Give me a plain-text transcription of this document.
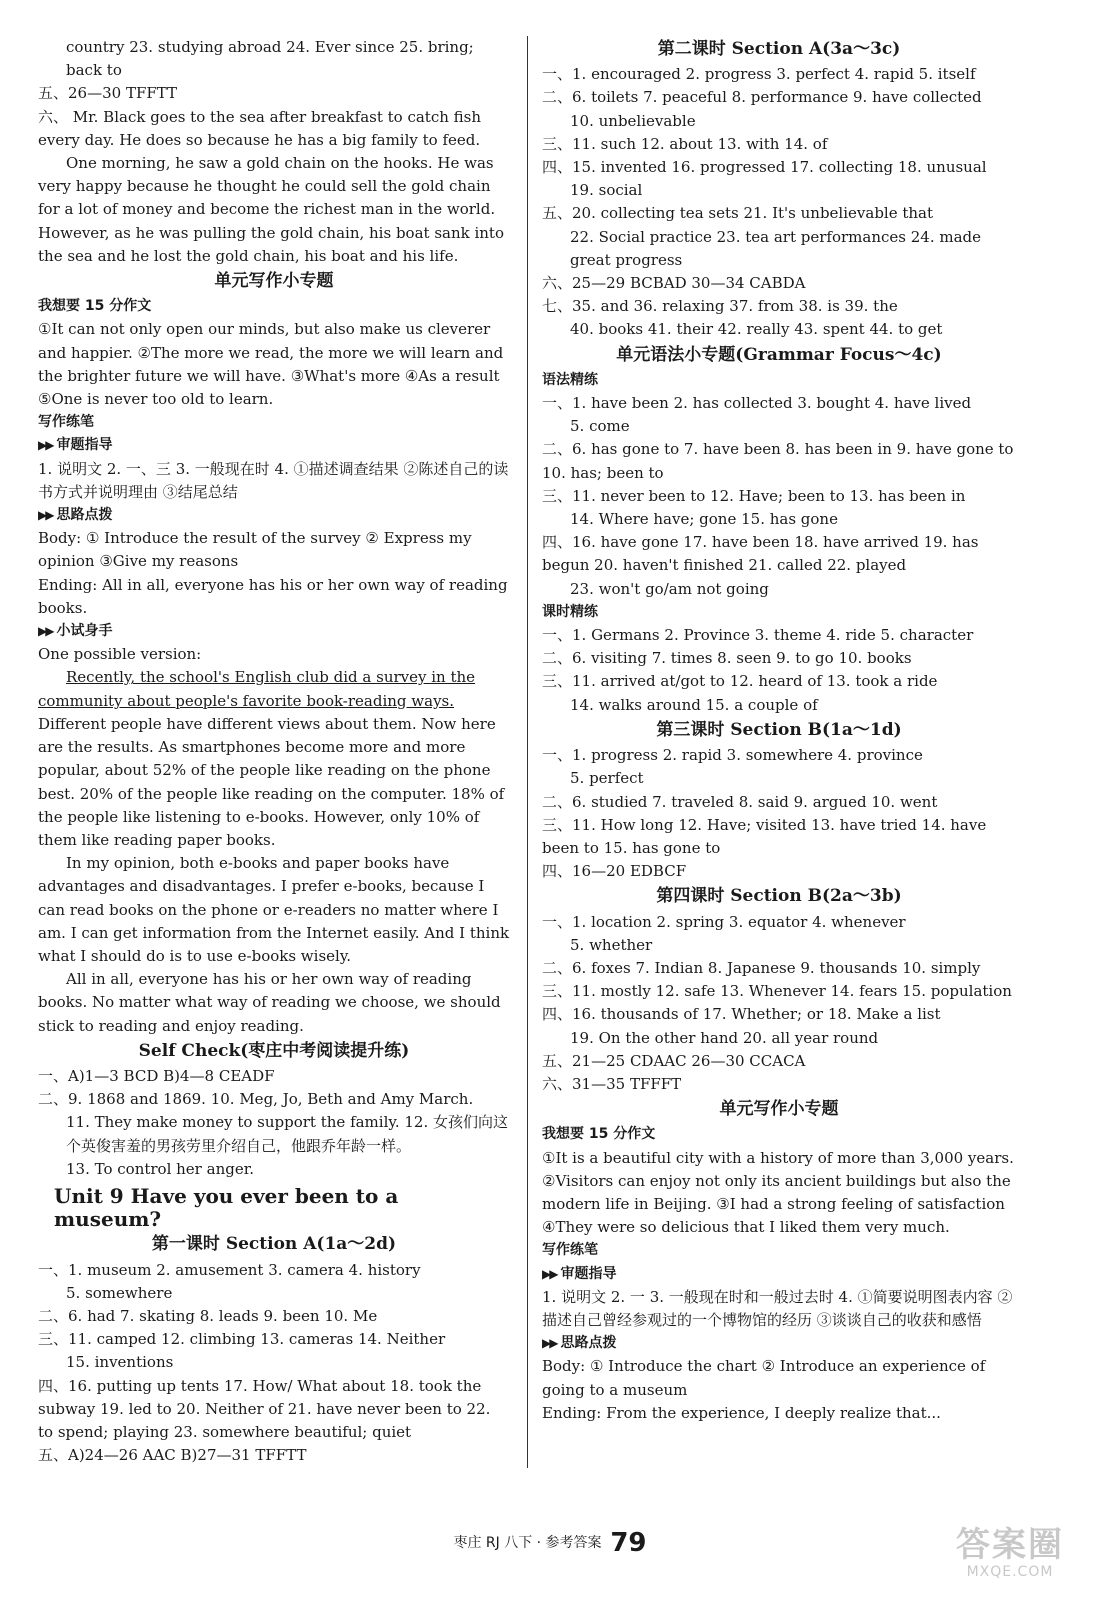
country 23. studying abroad 24. Ever since 25. bring; back to
五、26—30 TFFTT
六、 Mr. Black goes to the sea after breakfast to catch fish every day. He does so because he has a big family to feed.
One morning, he saw a gold chain on the hooks. He was very happy because he thought he could sell the gold chain for a lot of money and become the richest man in the world. However, as he was pulling the gold chain, his boat sank into the sea and he lost the gold chain, his boat and his life.
单元写作小专题
我想要 15 分作文
①It can not only open our minds, but also make us cleverer and happier. ②The more we read, the more we will learn and the brighter future we will have. ③What's more ④As a result ⑤One is never too old to learn.
写作练笔
▶▶ 审题指导
1. 说明文 2. 一、三 3. 一般现在时 4. ①描述调查结果 ②陈述自己的读书方式并说明理由 ③结尾总结
▶▶ 思路点拨
Body: ① Introduce the result of the survey ② Express my opinion ③Give my reasons
Ending: All in all, everyone has his or her own way of reading books.
▶▶ 小试身手
One possible version:
Recently, the school's English club did a survey in the community about people's favorite book-reading ways.
Different people have different views about them. Now here are the results. As smartphones become more and more popular, about 52% of the people like reading on the phone best. 20% of the people like reading on the computer. 18% of the people like listening to e-books. However, only 10% of them like reading paper books.
In my opinion, both e-books and paper books have advantages and disadvantages. I prefer e-books, because I can read books on the phone or e-readers no matter where I am. I can get information from the Internet easily. And I think what I should do is to use e-books wisely.
All in all, everyone has his or her own way of reading books. No matter what way of reading we choose, we should stick to reading and enjoy reading.
Self Check(枣庄中考阅读提升练)
一、A)1—3 BCD B)4—8 CEADF
二、9. 1868 and 1869. 10. Meg, Jo, Beth and Amy March.
11. They make money to support the family. 12. 女孩们向这个英俊害羞的男孩劳里介绍自己，他跟乔年龄一样。
13. To control her anger.
Unit 9 Have you ever been to a museum?
第一课时 Section A(1a～2d)
一、1. museum 2. amusement 3. camera 4. history
5. somewhere
二、6. had 7. skating 8. leads 9. been 10. Me
三、11. camped 12. climbing 13. cameras 14. Neither
15. inventions
四、16. putting up tents 17. How/ What about 18. took the subway 19. led to 20. Neither of 21. have never been to 22. to spend; playing 23. somewhere beautiful; quiet
五、A)24—26 AAC B)27—31 TFFTT
第二课时 Section A(3a～3c)
一、1. encouraged 2. progress 3. perfect 4. rapid 5. itself
二、6. toilets 7. peaceful 8. performance 9. have collected
10. unbelievable
三、11. such 12. about 13. with 14. of
四、15. invented 16. progressed 17. collecting 18. unusual
19. social
五、20. collecting tea sets 21. It's unbelievable that
22. Social practice 23. tea art performances 24. made great progress
六、25—29 BCBAD 30—34 CABDA
七、35. and 36. relaxing 37. from 38. is 39. the
40. books 41. their 42. really 43. spent 44. to get
单元语法小专题(Grammar Focus～4c)
语法精练
一、1. have been 2. has collected 3. bought 4. have lived
5. come
二、6. has gone to 7. have been 8. has been in 9. have gone to 10. has; been to
三、11. never been to 12. Have; been to 13. has been in
14. Where have; gone 15. has gone
四、16. have gone 17. have been 18. have arrived 19. has begun 20. haven't finished 21. called 22. played
23. won't go/am not going
课时精练
一、1. Germans 2. Province 3. theme 4. ride 5. character
二、6. visiting 7. times 8. seen 9. to go 10. books
三、11. arrived at/got to 12. heard of 13. took a ride
14. walks around 15. a couple of
第三课时 Section B(1a～1d)
一、1. progress 2. rapid 3. somewhere 4. province
5. perfect
二、6. studied 7. traveled 8. said 9. argued 10. went
三、11. How long 12. Have; visited 13. have tried 14. have been to 15. has gone to
四、16—20 EDBCF
第四课时 Section B(2a～3b)
一、1. location 2. spring 3. equator 4. whenever
5. whether
二、6. foxes 7. Indian 8. Japanese 9. thousands 10. simply
三、11. mostly 12. safe 13. Whenever 14. fears 15. population
四、16. thousands of 17. Whether; or 18. Make a list
19. On the other hand 20. all year round
五、21—25 CDAAC 26—30 CCACA
六、31—35 TFFFT
单元写作小专题
我想要 15 分作文
①It is a beautiful city with a history of more than 3,000 years. ②Visitors can enjoy not only its ancient buildings but also the modern life in Beijing. ③I had a strong feeling of satisfaction ④They were so delicious that I liked them very much.
写作练笔
▶▶ 审题指导
1. 说明文 2. 一 3. 一般现在时和一般过去时 4. ①简要说明图表内容 ②描述自己曾经参观过的一个博物馆的经历 ③谈谈自己的收获和感悟
▶▶ 思路点拨
Body: ① Introduce the chart ② Introduce an experience of going to a museum
Ending: From the experience, I deeply realize that...
枣庄 RJ 八下 · 参考答案 79	答案圈
MXQE.COM
